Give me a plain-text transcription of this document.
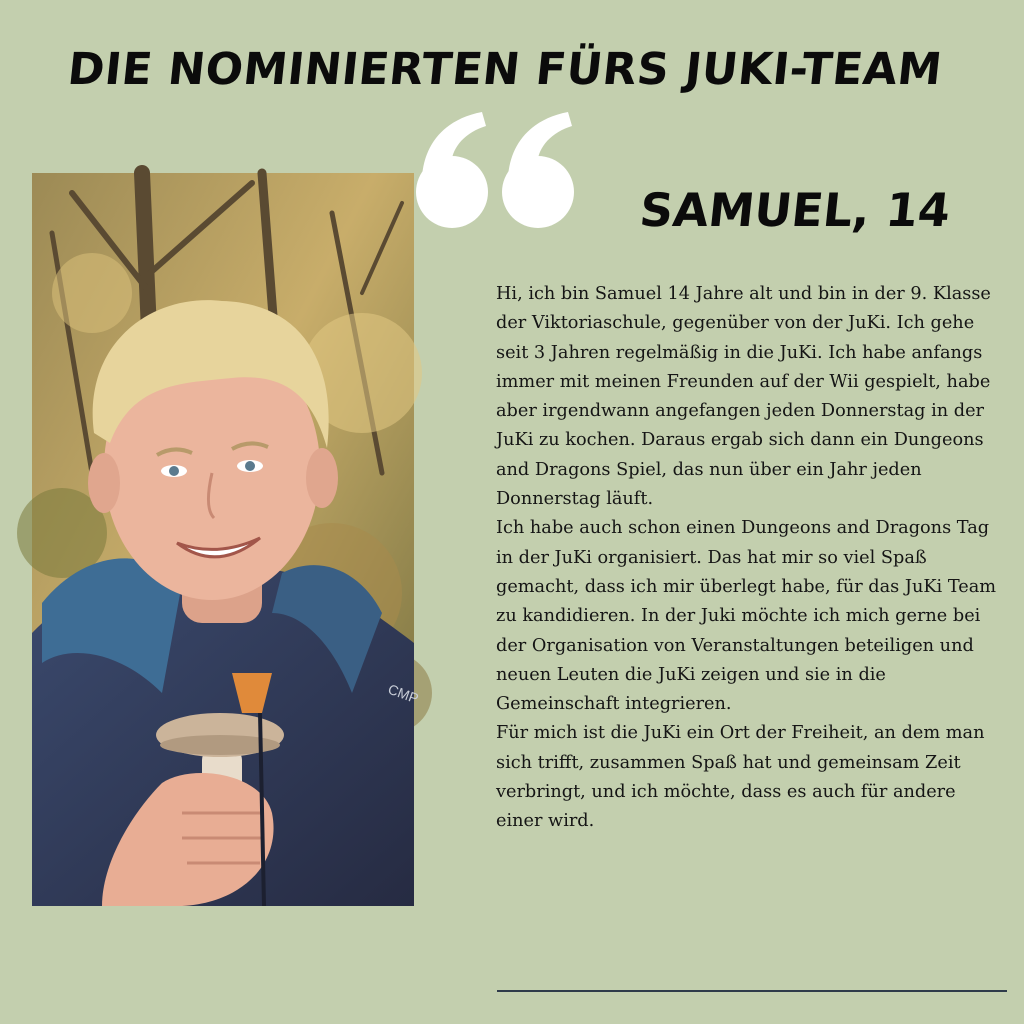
DIE NOMINIERTEN FÜRS JUKI-TEAM
SAMUEL, 14
CMP

Hi, ich bin Samuel 14 Jahre alt und bin in der 9. Klasse der Viktoriaschule, gegenüber von der JuKi. Ich gehe seit 3 Jahren regelmäßig in die JuKi. Ich habe anfangs immer mit meinen Freunden auf der Wii gespielt, habe aber irgendwann angefangen jeden Donnerstag in der JuKi zu kochen. Daraus ergab sich dann ein Dungeons and Dragons Spiel, das nun über ein Jahr jeden Donnerstag läuft.

Ich habe auch schon einen Dungeons and Dragons Tag in der JuKi organisiert. Das hat mir so viel Spaß gemacht, dass ich mir überlegt habe, für das JuKi Team zu kandidieren. In der Juki möchte ich mich gerne bei der Organisation von Veranstaltungen beteiligen und neuen Leuten die JuKi zeigen und sie in die Gemeinschaft integrieren.

Für mich ist die JuKi ein Ort der Freiheit, an dem man sich trifft, zusammen Spaß hat und gemeinsam Zeit verbringt, und ich möchte, dass es auch für andere einer wird.
